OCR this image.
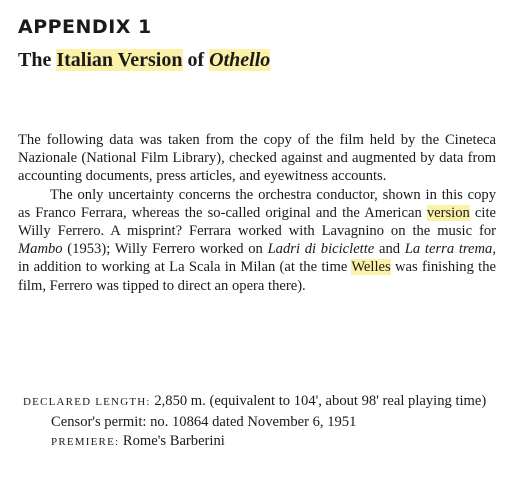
APPENDIX 1
The Italian Version of Othello

The following data was taken from the copy of the film held by the Cineteca Nazionale (National Film Library), checked against and augmented by data from accounting documents, press articles, and eyewitness accounts.

The only uncertainty concerns the orchestra conductor, shown in this copy as Franco Ferrara, whereas the so-called original and the American version cite Willy Ferrero. A misprint? Ferrara worked with Lavagnino on the music for Mambo (1953); Willy Ferrero worked on Ladri di biciclette and La terra trema, in addition to working at La Scala in Milan (at the time Welles was finishing the film, Ferrero was tipped to direct an opera there).

DECLARED LENGTH: 2,850 m. (equivalent to 104', about 98' real playing time)
Censor's permit: no. 10864 dated November 6, 1951
PREMIERE: Rome's Barberini
